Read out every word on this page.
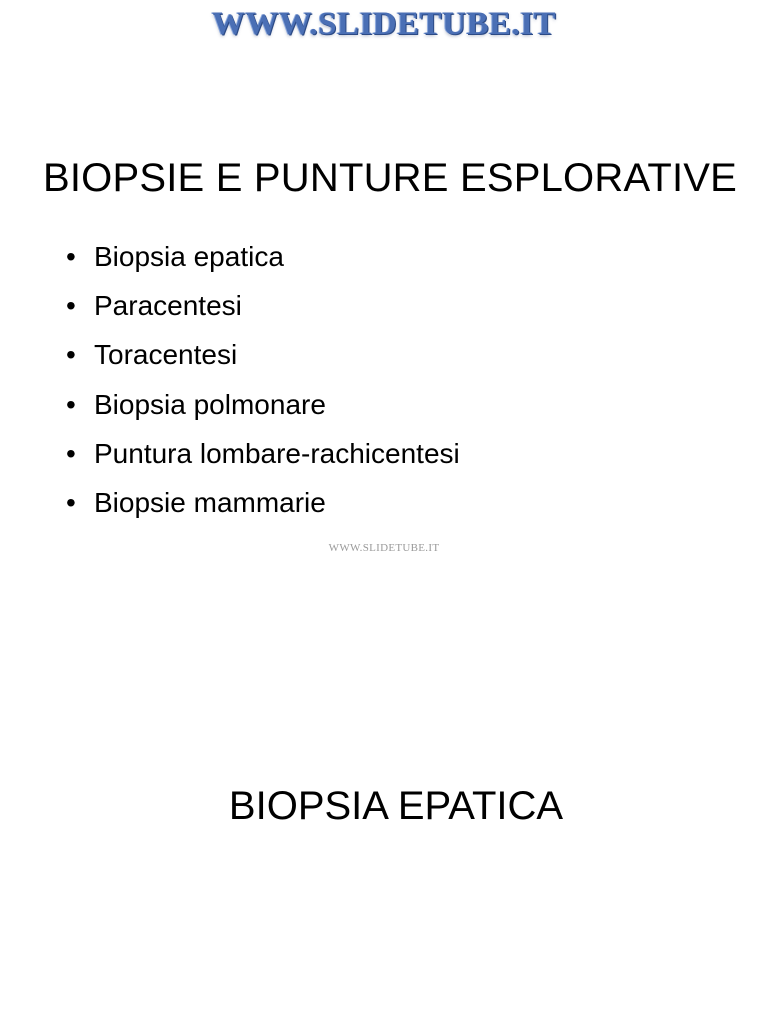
WWW.SLIDETUBE.IT
BIOPSIE E PUNTURE ESPLORATIVE
• Biopsia epatica
• Paracentesi
• Toracentesi
• Biopsia polmonare
• Puntura lombare-rachicentesi
• Biopsie mammarie
WWW.SLIDETUBE.IT
BIOPSIA EPATICA
